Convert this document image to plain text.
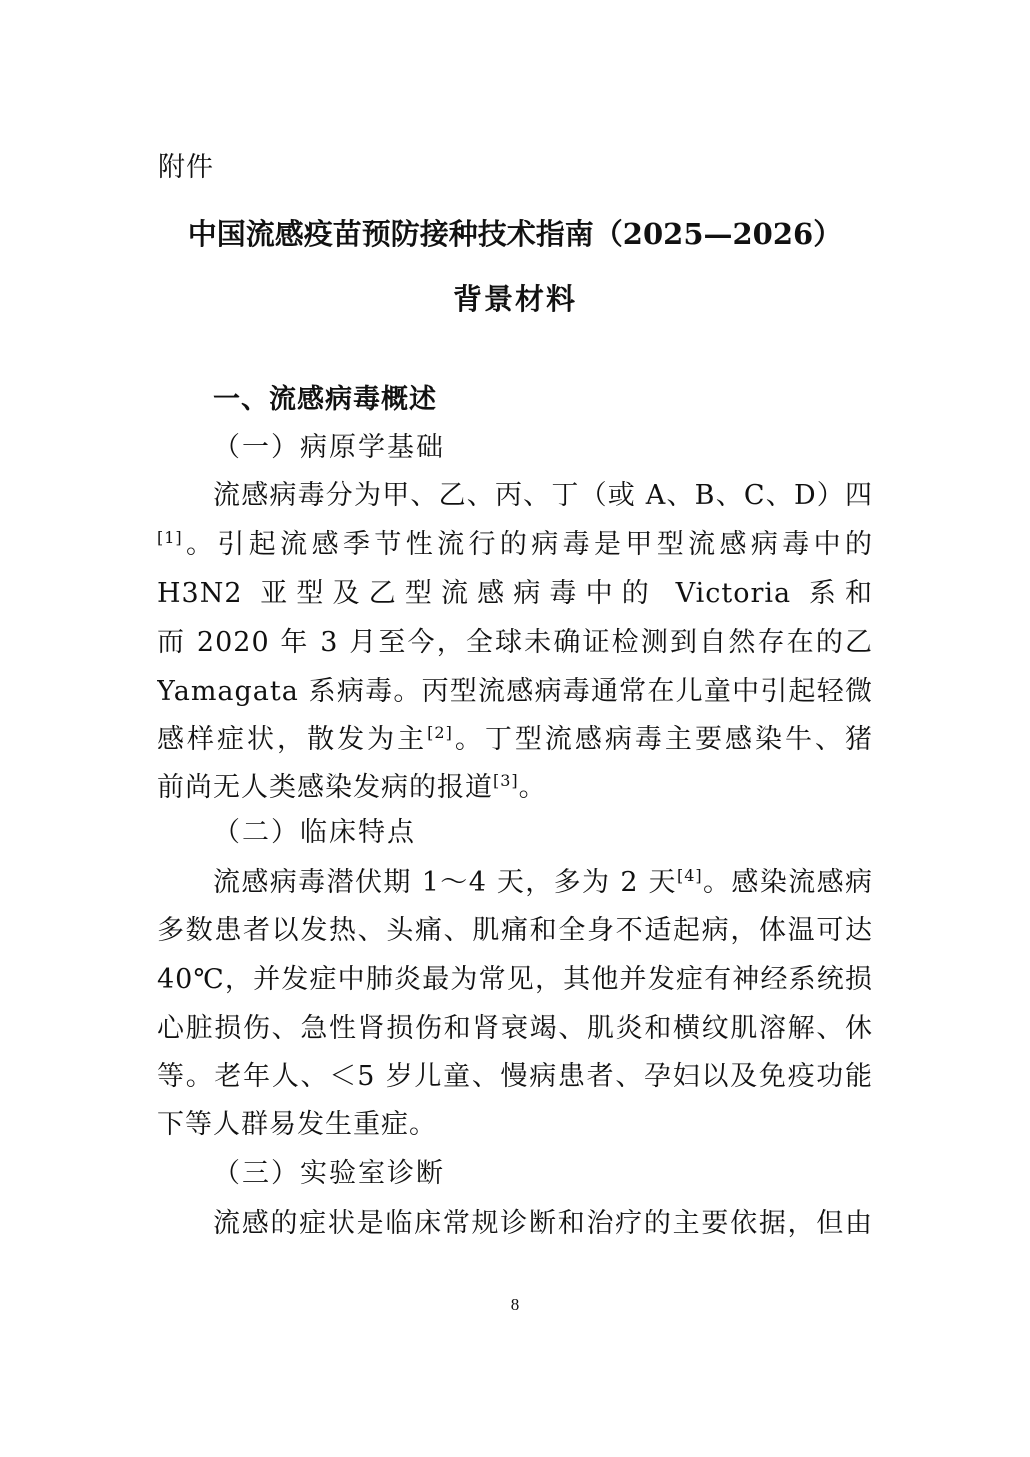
附件
中国流感疫苗预防接种技术指南（2025—2026）
背景材料
一、流感病毒概述
（一）病原学基础
流感病毒分为甲、乙、丙、丁（或 A、B、C、D）四
[1]。引起流感季节性流行的病毒是甲型流感病毒中的
H3N2 亚型及乙型流感病毒中的 Victoria 系和
而 2020 年 3 月至今，全球未确证检测到自然存在的乙
Yamagata 系病毒。丙型流感病毒通常在儿童中引起轻微
感样症状，散发为主[2]。丁型流感病毒主要感染牛、猪
前尚无人类感染发病的报道[3]。
（二）临床特点
流感病毒潜伏期 1～4 天，多为 2 天[4]。感染流感病
多数患者以发热、头痛、肌痛和全身不适起病，体温可达
40℃，并发症中肺炎最为常见，其他并发症有神经系统损
心脏损伤、急性肾损伤和肾衰竭、肌炎和横纹肌溶解、休
等。老年人、＜5 岁儿童、慢病患者、孕妇以及免疫功能
下等人群易发生重症。
（三）实验室诊断
流感的症状是临床常规诊断和治疗的主要依据，但由
8
